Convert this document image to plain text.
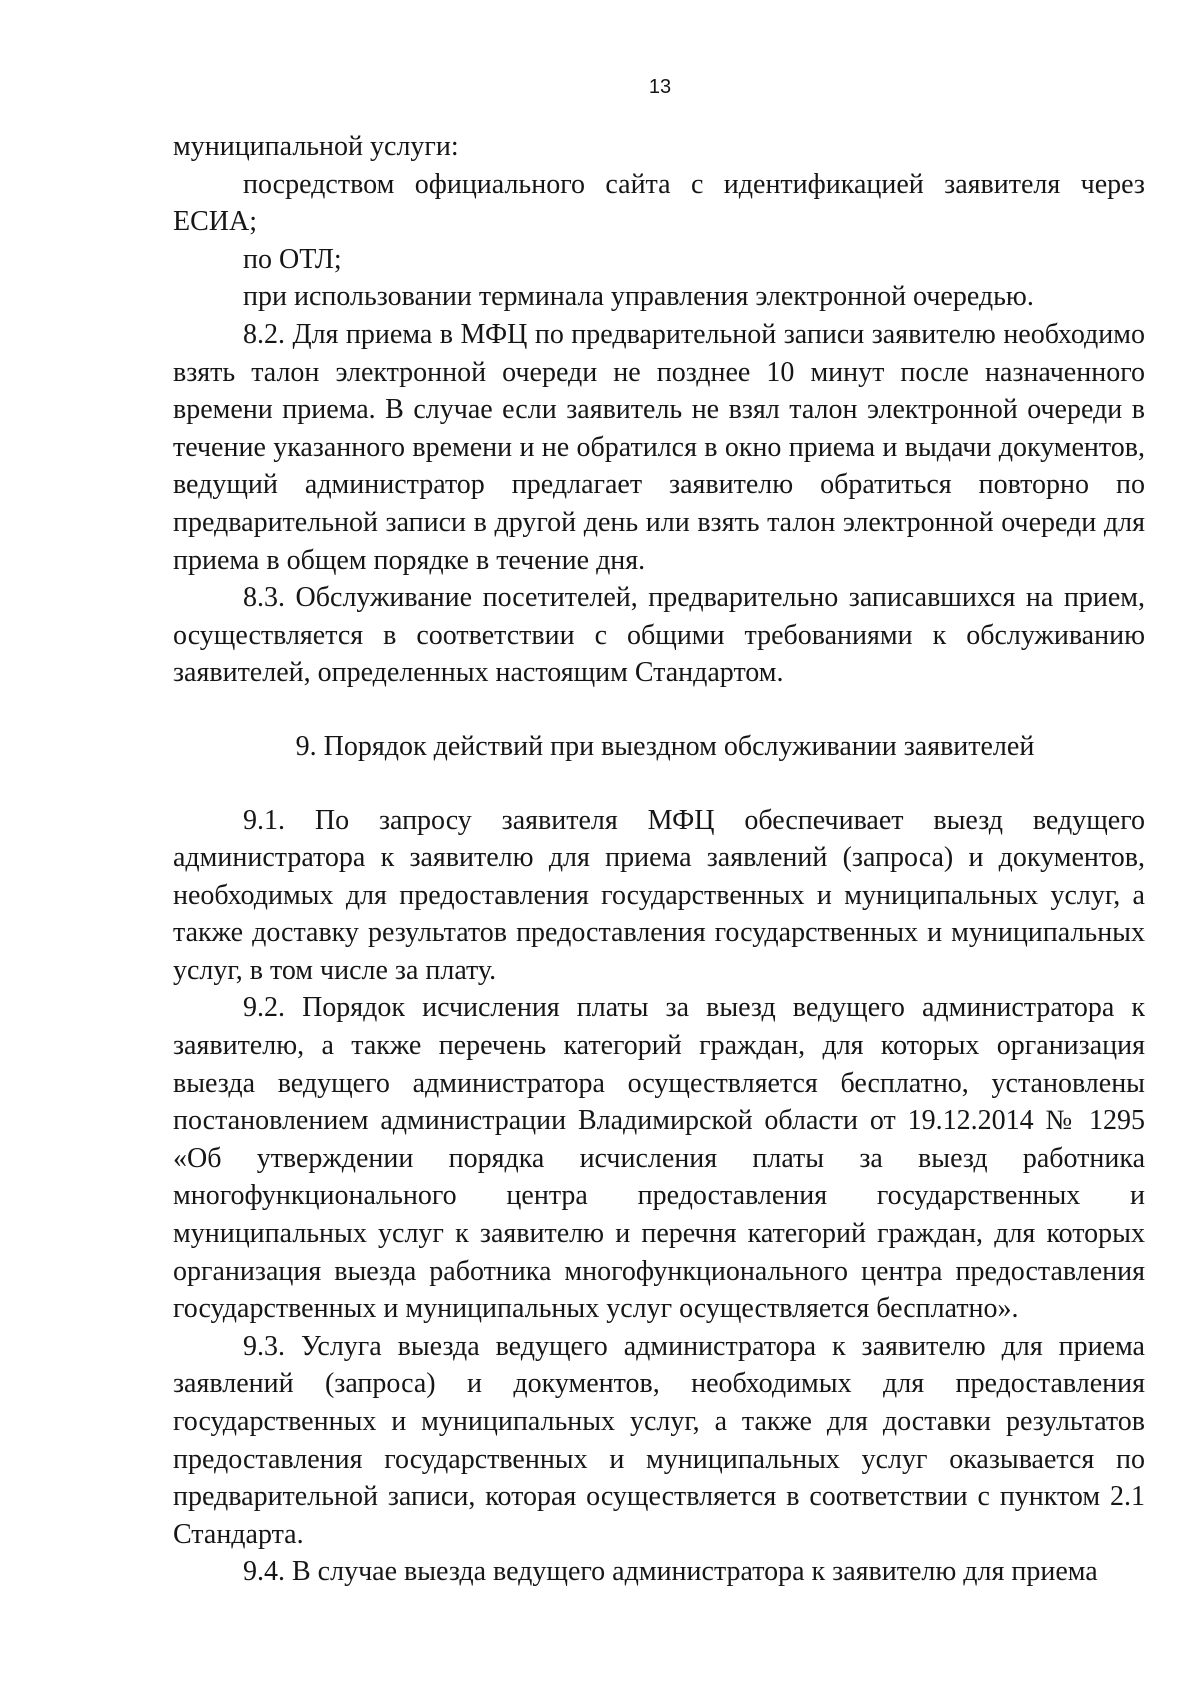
13

муниципальной услуги:

посредством официального сайта с идентификацией заявителя через ЕСИА;

по ОТЛ;

при использовании терминала управления электронной очередью.

8.2. Для приема в МФЦ по предварительной записи заявителю необходимо взять талон электронной очереди не позднее 10 минут после назначенного времени приема. В случае если заявитель не взял талон электронной очереди в течение указанного времени и не обратился в окно приема и выдачи документов, ведущий администратор предлагает заявителю обратиться повторно по предварительной записи в другой день или взять талон электронной очереди для приема в общем порядке в течение дня.

8.3. Обслуживание посетителей, предварительно записавшихся на прием, осуществляется в соответствии с общими требованиями к обслуживанию заявителей, определенных настоящим Стандартом.

9. Порядок действий при выездном обслуживании заявителей

9.1. По запросу заявителя МФЦ обеспечивает выезд ведущего администратора к заявителю для приема заявлений (запроса) и документов, необходимых для предоставления государственных и муниципальных услуг, а также доставку результатов предоставления государственных и муниципальных услуг, в том числе за плату.

9.2. Порядок исчисления платы за выезд ведущего администратора к заявителю, а также перечень категорий граждан, для которых организация выезда ведущего администратора осуществляется бесплатно, установлены постановлением администрации Владимирской области от 19.12.2014 № 1295 «Об утверждении порядка исчисления платы за выезд работника многофункционального центра предоставления государственных и муниципальных услуг к заявителю и перечня категорий граждан, для которых организация выезда работника многофункционального центра предоставления государственных и муниципальных услуг осуществляется бесплатно».

9.3. Услуга выезда ведущего администратора к заявителю для приема заявлений (запроса) и документов, необходимых для предоставления государственных и муниципальных услуг, а также для доставки результатов предоставления государственных и муниципальных услуг оказывается по предварительной записи, которая осуществляется в соответствии с пунктом 2.1 Стандарта.

9.4. В случае выезда ведущего администратора к заявителю для приема
